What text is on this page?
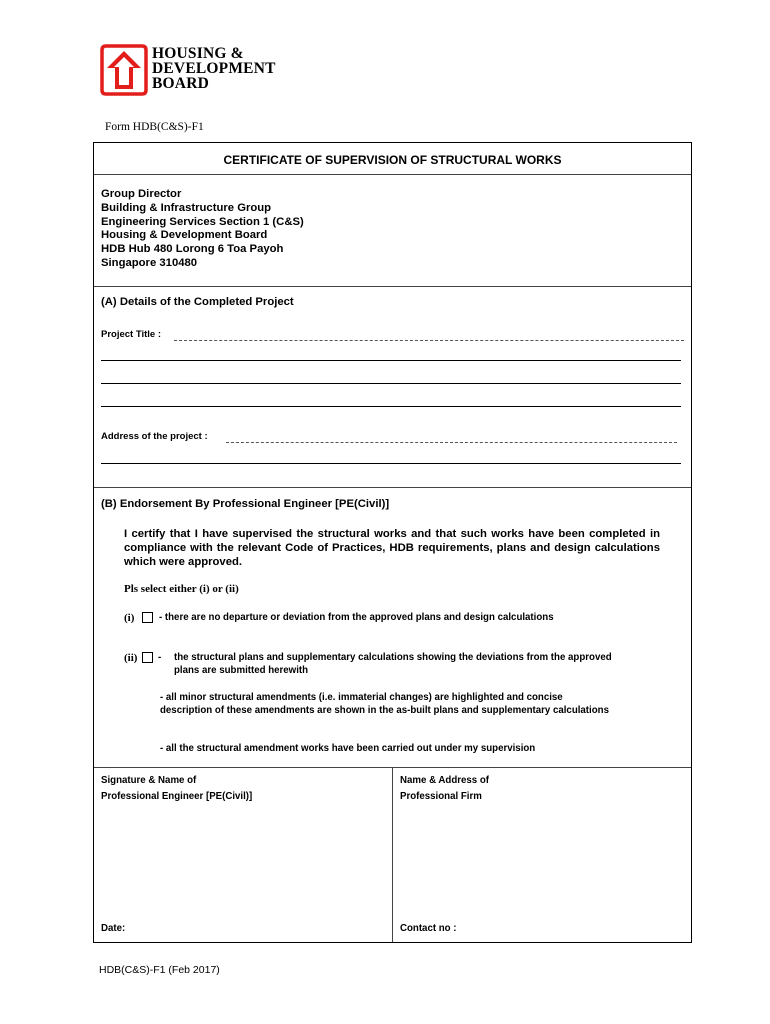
HOUSING &
DEVELOPMENT
BOARD
Form HDB(C&S)-F1
CERTIFICATE OF SUPERVISION OF STRUCTURAL WORKS
Group Director
Building & Infrastructure Group
Engineering Services Section 1 (C&S)
Housing & Development Board
HDB Hub 480 Lorong 6 Toa Payoh
Singapore 310480
(A) Details of the Completed Project
Project Title :
Address of the project :
(B) Endorsement By Professional Engineer [PE(Civil)]
I certify that I have supervised the structural works and that such works have been completed in compliance with the relevant Code of Practices, HDB requirements, plans and design calculations which were approved.
Pls select either (i) or (ii)
(i)	- there are no departure or deviation from the approved plans and design calculations
(ii) - the structural plans and supplementary calculations showing the deviations from the approved plans are submitted herewith
- all minor structural amendments (i.e. immaterial changes) are highlighted and concise description of these amendments are shown in the as-built plans and supplementary calculations
- all the structural amendment works have been carried out under my supervision
Signature & Name of
Professional Engineer [PE(Civil)]
Name & Address of
Professional Firm
Date:	Contact no :
HDB(C&S)-F1 (Feb 2017)
